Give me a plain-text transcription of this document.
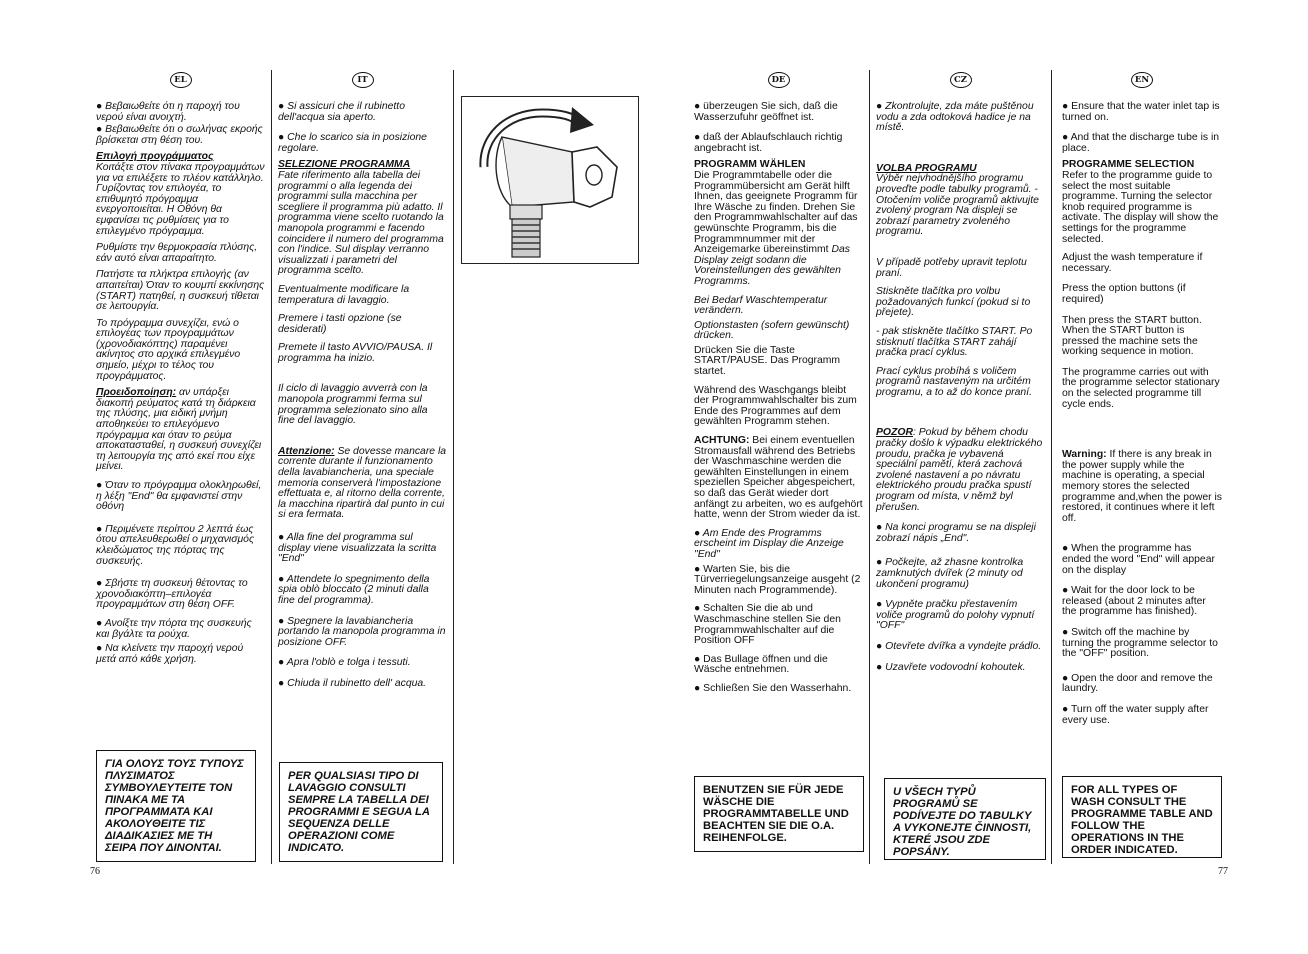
EL

● Βεβαιωθείτε ότι η παροχή του νερού είναι ανοιχτή.

● Βεβαιωθείτε ότι ο σωλήνας εκροής βρίσκεται στη θέση του.

Επιλογή προγράμματος
Κοιτάξτε στον πίνακα προγραμμάτων για να επιλέξετε το πλέον κατάλληλο. Γυρίζοντας τον επιλογέα, το επιθυμητό πρόγραμμα ενεργοποιείται. Η Οθόνη θα εμφανίσει τις ρυθμίσεις για το επιλεγμένο πρόγραμμα.

Ρυθμίστε την θερμοκρασία πλύσης, εάν αυτό είναι απαραίτητο.

Πατήστε τα πλήκτρα επιλογής (αν απαιτείται) Όταν το κουμπί εκκίνησης (START) πατηθεί, η συσκευή τίθεται σε λειτουργία.

Το πρόγραμμα συνεχίζει, ενώ ο επιλογέας των προγραμμάτων (χρονοδιακόπτης) παραμένει ακίνητος στο αρχικά επιλεγμένο σημείο, μέχρι το τέλος του προγράμματος.

Προειδοποίηση: αν υπάρξει διακοπή ρεύματος κατά τη διάρκεια της πλύσης, μια ειδική μνήμη αποθηκεύει το επιλεγόμενο πρόγραμμα και όταν το ρεύμα αποκατασταθεί, η συσκευή συνεχίζει τη λειτουργία της από εκεί που είχε μείνει.

● Όταν το πρόγραμμα ολοκληρωθεί, η λέξη "End" θα εμφανιστεί στην οθόνη

● Περιμένετε περίπου 2 λεπτά έως ότου απελευθερωθεί ο μηχανισμός κλειδώματος της πόρτας της συσκευής.

● Σβήστε τη συσκευή θέτοντας το χρονοδιακόπτη–επιλογέα προγραμμάτων στη θέση OFF.

● Ανοίξτε την πόρτα της συσκευής και βγάλτε τα ρούχα.

● Να κλείνετε την παροχή νερού μετά από κάθε χρήση.

ΓΙΑ ΟΛΟΥΣ ΤΟΥΣ ΤΥΠΟΥΣ ΠΛΥΣΙΜΑΤΟΣ ΣΥΜΒΟΥΛΕΥΤΕΙΤΕ ΤΟΝ ΠΙΝΑΚΑ ΜΕ ΤΑ ΠΡΟΓΡΑΜΜΑΤΑ ΚΑΙ ΑΚΟΛΟΥΘΕΙΤΕ ΤΙΣ ΔΙΑΔΙΚΑΣΙΕΣ ΜΕ ΤΗ ΣΕΙΡΑ ΠΟΥ ΔΙΝΟΝΤΑΙ.
IT

● Si assicuri che il rubinetto dell'acqua sia aperto.

● Che lo scarico sia in posizione regolare.

SELEZIONE PROGRAMMA
Fate riferimento alla tabella dei programmi o alla legenda dei programmi sulla macchina per scegliere il programma più adatto. Il programma viene scelto ruotando la manopola programmi e facendo coincidere il numero del programma con l'indice. Sul display verranno visualizzati i parametri del programma scelto.

Eventualmente modificare la temperatura di lavaggio.

Premere i tasti opzione (se desiderati)

Premete il tasto AVVIO/PAUSA. Il programma ha inizio.

Il ciclo di lavaggio avverrà con la manopola programmi ferma sul programma selezionato sino alla fine del lavaggio.

Attenzione: Se dovesse mancare la corrente durante il funzionamento della lavabiancheria, una speciale memoria conserverà l'impostazione effettuata e, al ritorno della corrente, la macchina ripartirà dal punto in cui si era fermata.

● Alla fine del programma sul display viene visualizzata la scritta "End"

● Attendete lo spegnimento della spia oblò bloccato (2 minuti dalla fine del programma).

● Spegnere la lavabiancheria portando la manopola programma in posizione OFF.

● Apra l'oblò e tolga i tessuti.

● Chiuda il rubinetto dell' acqua.

PER QUALSIASI TIPO DI LAVAGGIO CONSULTI SEMPRE LA TABELLA DEI PROGRAMMI E SEGUA LA SEQUENZA DELLE OPERAZIONI COME INDICATO.
DE

● überzeugen Sie sich, daß die Wasserzufuhr geöffnet ist.

● daß der Ablaufschlauch richtig angebracht ist.

PROGRAMM WÄHLEN
Die Programmtabelle oder die Programmübersicht am Gerät hilft Ihnen, das geeignete Programm für Ihre Wäsche zu finden. Drehen Sie den Programmwahlschalter auf das gewünschte Programm, bis die Programmnummer mit der Anzeigemarke übereinstimmt Das Display zeigt sodann die Voreinstellungen des gewählten Programms.

Bei Bedarf Waschtemperatur verändern.

Optionstasten (sofern gewünscht) drücken.

Drücken Sie die Taste START/PAUSE. Das Programm startet.

Während des Waschgangs bleibt der Programmwahlschalter bis zum Ende des Programmes auf dem gewählten Programm stehen.

ACHTUNG: Bei einem eventuellen Stromausfall während des Betriebs der Waschmaschine werden die gewählten Einstellungen in einem speziellen Speicher abgespeichert, so daß das Gerät wieder dort anfängt zu arbeiten, wo es aufgehört hatte, wenn der Strom wieder da ist.

● Am Ende des Programms erscheint im Display die Anzeige "End"

● Warten Sie, bis die Türverriegelungsanzeige ausgeht (2 Minuten nach Programmende).

● Schalten Sie die ab und Waschmaschine stellen Sie den Programmwahlschalter auf die Position OFF

● Das Bullage öffnen und die Wäsche entnehmen.

● Schließen Sie den Wasserhahn.

BENUTZEN SIE FÜR JEDE WÄSCHE DIE PROGRAMMTABELLE UND BEACHTEN SIE DIE O.A. REIHENFOLGE.
CZ

● Zkontrolujte, zda máte puštěnou vodu a zda odtoková hadice je na místě.

VOLBA PROGRAMU
Výběr nejvhodnějšího programu proveďte podle tabulky programů. - Otočením voliče programů aktivujte zvolený program Na displeji se zobrazí parametry zvoleného programu.

V případě potřeby upravit teplotu praní.

Stiskněte tlačítka pro volbu požadovaných funkcí (pokud si to přejete).

- pak stiskněte tlačítko START. Po stisknutí tlačítka START zahájí pračka prací cyklus.

Prací cyklus probíhá s voličem programů nastaveným na určitém programu, a to až do konce praní.

POZOR: Pokud by během chodu pračky došlo k výpadku elektrického proudu, pračka je vybavená speciální pamětí, která zachová zvolené nastavení a po návratu elektrického proudu pračka spustí program od místa, v němž byl přerušen.

● Na konci programu se na displeji zobrazí nápis „End".

● Počkejte, až zhasne kontrolka zamknutých dvířek (2 minuty od ukončení programu)

● Vypněte pračku přestavením voliče programů do polohy vypnutí "OFF"

● Otevřete dvířka a vyndejte prádlo.

● Uzavřete vodovodní kohoutek.

U VŠECH TYPŮ PROGRAMŮ SE PODÍVEJTE DO TABULKY A VYKONEJTE ČINNOSTI, KTERÉ JSOU ZDE POPSÁNY.
EN

● Ensure that the water inlet tap is turned on.

● And that the discharge tube is in place.

PROGRAMME SELECTION
Refer to the programme guide to select the most suitable programme. Turning the selector knob required programme is activate. The display will show the settings for the programme selected.

Adjust the wash temperature if necessary.

Press the option buttons (if required)

Then press the START button. When the START button is pressed the machine sets the working sequence in motion.

The programme carries out with the programme selector stationary on the selected programme till cycle ends.

Warning: If there is any break in the power supply while the machine is operating, a special memory stores the selected programme and,when the power is restored, it continues where it left off.

● When the programme has ended the word "End" will appear on the display

● Wait for the door lock to be released (about 2 minutes after the programme has finished).

● Switch off the machine by turning the programme selector to the "OFF" position.

● Open the door and remove the laundry.

● Turn off the water supply after every use.

FOR ALL TYPES OF WASH CONSULT THE PROGRAMME TABLE AND FOLLOW THE OPERATIONS IN THE ORDER INDICATED.
76	77
